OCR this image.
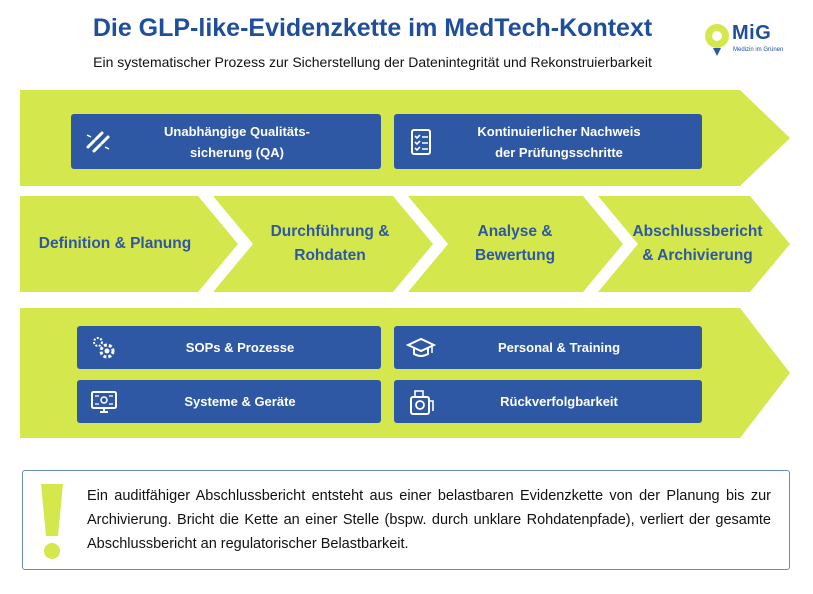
Die GLP-like-Evidenzkette im MedTech-Kontext
Ein systematischer Prozess zur Sicherstellung der Datenintegrität und Rekonstruierbarkeit
MiG
Medizin im Grünen
Unabhängige Qualitäts-
sicherung (QA)
Kontinuierlicher Nachweis
der Prüfungsschritte
Definition & Planung
Durchführung &
Rohdaten
Analyse &
Bewertung
Abschlussbericht
& Archivierung
SOPs & Prozesse	Personal & Training
Systeme & Geräte	Rückverfolgbarkeit
Ein auditfähiger Abschlussbericht entsteht aus einer belastbaren Evidenzkette von der Planung bis zur Archivierung. Bricht die Kette an einer Stelle (bspw. durch unklare Rohdatenpfade), verliert der gesamte Abschlussbericht an regulatorischer Belastbarkeit.
